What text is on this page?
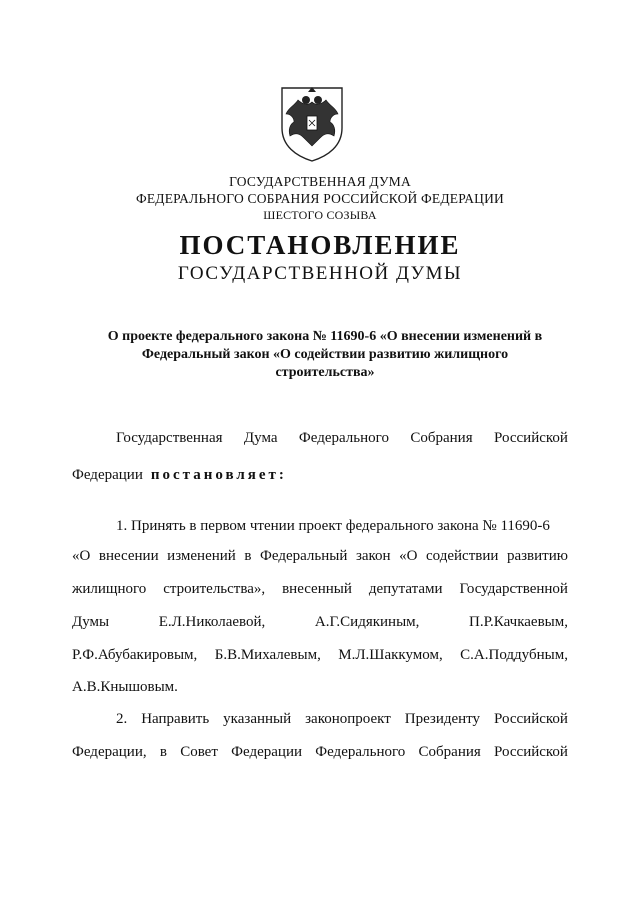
ГОСУДАРСТВЕННАЯ ДУМА
ФЕДЕРАЛЬНОГО СОБРАНИЯ РОССИЙСКОЙ ФЕДЕРАЦИИ
ШЕСТОГО СОЗЫВА
ПОСТАНОВЛЕНИЕ
ГОСУДАРСТВЕННОЙ ДУМЫ
О проекте федерального закона № 11690-6 «О внесении изменений в
Федеральный закон «О содействии развитию жилищного
строительства»
Государственная Дума Федерального Собрания Российской
Федерации постановляет:
1. Принять в первом чтении проект федерального закона № 11690-6
«О внесении изменений в Федеральный закон «О содействии развитию
жилищного строительства», внесенный депутатами Государственной
Думы	Е.Л.Николаевой,	А.Г.Сидякиным,	П.Р.Качкаевым,
Р.Ф.Абубакировым, Б.В.Михалевым, М.Л.Шаккумом, С.А.Поддубным,
А.В.Кнышовым.
2. Направить указанный законопроект Президенту Российской
Федерации, в Совет Федерации Федерального Собрания Российской
